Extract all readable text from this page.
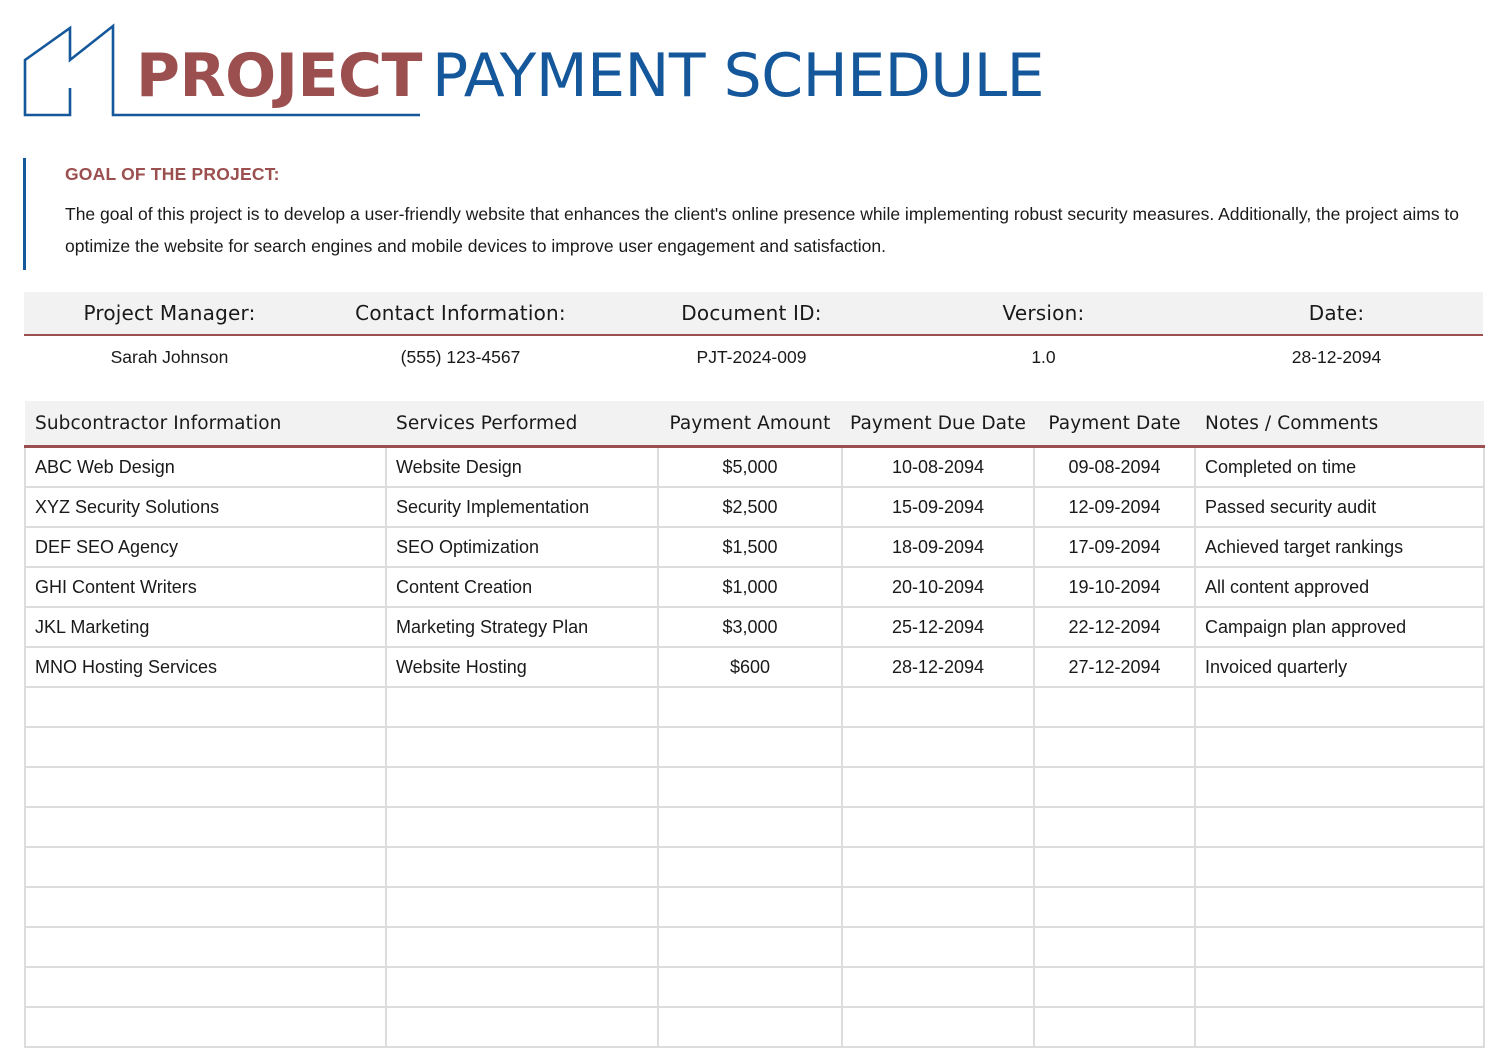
PROJECT PAYMENT SCHEDULE
GOAL OF THE PROJECT:
The goal of this project is to develop a user-friendly website that enhances the client's online presence while implementing robust security measures. Additionally, the project aims to optimize the website for search engines and mobile devices to improve user engagement and satisfaction.
Project Manager:	Contact Information:	Document ID:	Version:	Date:
Sarah Johnson	(555) 123-4567	PJT-2024-009	1.0	28-12-2094
Subcontractor Information	Services Performed	Payment Amount	Payment Due Date	Payment Date	Notes / Comments
ABC Web Design	Website Design	$5,000	10-08-2094	09-08-2094	Completed on time
XYZ Security Solutions	Security Implementation	$2,500	15-09-2094	12-09-2094	Passed security audit
DEF SEO Agency	SEO Optimization	$1,500	18-09-2094	17-09-2094	Achieved target rankings
GHI Content Writers	Content Creation	$1,000	20-10-2094	19-10-2094	All content approved
JKL Marketing	Marketing Strategy Plan	$3,000	25-12-2094	22-12-2094	Campaign plan approved
MNO Hosting Services	Website Hosting	$600	28-12-2094	27-12-2094	Invoiced quarterly
